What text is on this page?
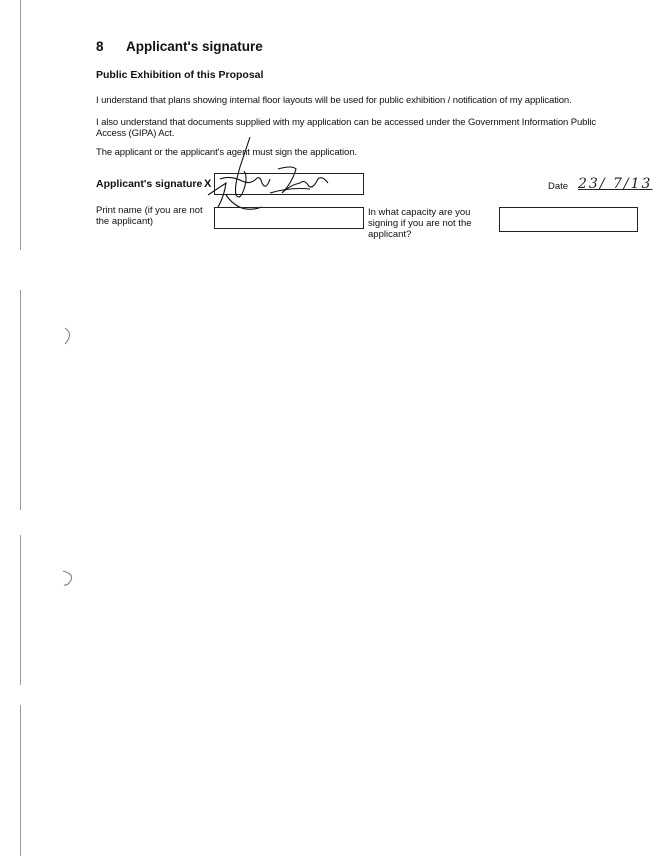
8 Applicant's signature
Public Exhibition of this Proposal
I understand that plans showing internal floor layouts will be used for public exhibition / notification of my application.
I also understand that documents supplied with my application can be accessed under the Government Information Public Access (GIPA) Act.
The applicant or the applicant's agent must sign the application.
Applicant's signature X	Date 23/ 7/13
Print name (if you are not the applicant)
In what capacity are you signing if you are not the applicant?
